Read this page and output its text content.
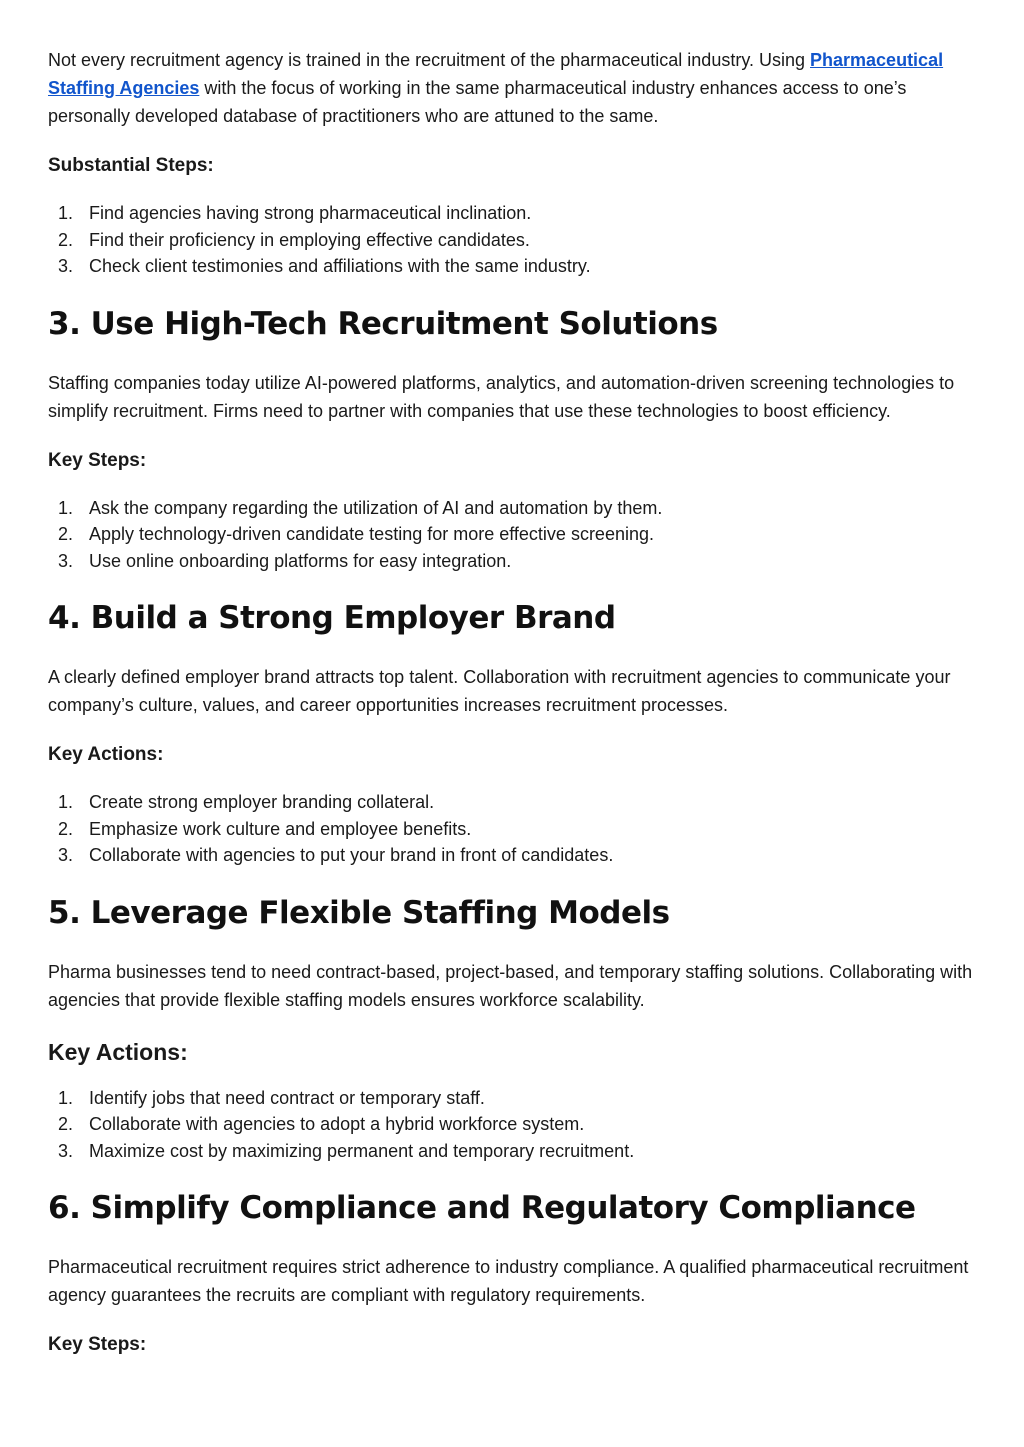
Not every recruitment agency is trained in the recruitment of the pharmaceutical industry. Using Pharmaceutical Staffing Agencies with the focus of working in the same pharmaceutical industry enhances access to one’s personally developed database of practitioners who are attuned to the same.

Substantial Steps:
1. Find agencies having strong pharmaceutical inclination.
2. Find their proficiency in employing effective candidates.
3. Check client testimonies and affiliations with the same industry.
3. Use High-Tech Recruitment Solutions

Staffing companies today utilize AI-powered platforms, analytics, and automation-driven screening technologies to simplify recruitment. Firms need to partner with companies that use these technologies to boost efficiency.

Key Steps:
1. Ask the company regarding the utilization of AI and automation by them.
2. Apply technology-driven candidate testing for more effective screening.
3. Use online onboarding platforms for easy integration.
4. Build a Strong Employer Brand

A clearly defined employer brand attracts top talent. Collaboration with recruitment agencies to communicate your company’s culture, values, and career opportunities increases recruitment processes.

Key Actions:
1. Create strong employer branding collateral.
2. Emphasize work culture and employee benefits.
3. Collaborate with agencies to put your brand in front of candidates.
5. Leverage Flexible Staffing Models

Pharma businesses tend to need contract-based, project-based, and temporary staffing solutions. Collaborating with agencies that provide flexible staffing models ensures workforce scalability.

Key Actions:
1. Identify jobs that need contract or temporary staff.
2. Collaborate with agencies to adopt a hybrid workforce system.
3. Maximize cost by maximizing permanent and temporary recruitment.
6. Simplify Compliance and Regulatory Compliance

Pharmaceutical recruitment requires strict adherence to industry compliance. A qualified pharmaceutical recruitment agency guarantees the recruits are compliant with regulatory requirements.

Key Steps:
